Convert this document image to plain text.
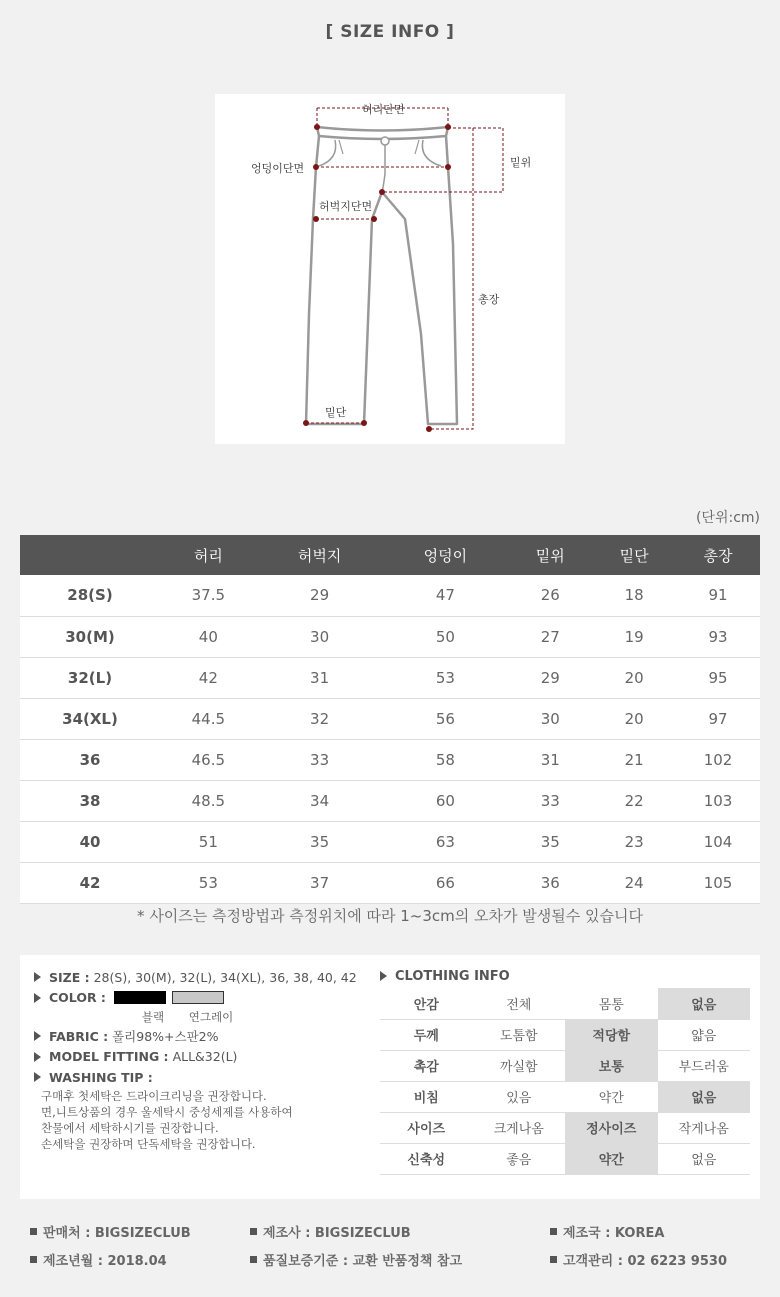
[ SIZE INFO ]
허리단면
엉덩이단면	밑위
허벅지단면
총장
밑단
(단위:cm)
	허리	허벅지	엉덩이	밑위	밑단	총장
28(S)	37.5	29	47	26	18	91
30(M)	40	30	50	27	19	93
32(L)	42	31	53	29	20	95
34(XL)	44.5	32	56	30	20	97
36	46.5	33	58	31	21	102
38	48.5	34	60	33	22	103
40	51	35	63	35	23	104
42	53	37	66	36	24	105
* 사이즈는 측정방법과 측정위치에 따라 1~3cm의 오차가 발생될수 있습니다
SIZE : 28(S), 30(M), 32(L), 34(XL), 36, 38, 40, 42
COLOR :
블랙	연그레이
FABRIC : 폴리98%+스판2%
MODEL FITTING : ALL&32(L)
WASHING TIP :
구매후 첫세탁은 드라이크리닝을 권장합니다.
면,니트상품의 경우 울세탁시 중성세제를 사용하여
찬물에서 세탁하시기를 권장합니다.
손세탁을 권장하며 단독세탁을 권장합니다.
CLOTHING INFO
안감	전체	몸통	없음
두께	도톰함	적당함	얇음
촉감	까실함	보통	부드러움
비침	있음	약간	없음
사이즈	크게나옴	정사이즈	작게나옴
신축성	좋음	약간	없음
판매처 : BIGSIZECLUB	제조사 : BIGSIZECLUB	제조국 : KOREA
제조년월 : 2018.04	품질보증기준 : 교환 반품정책 참고	고객관리 : 02 6223 9530
